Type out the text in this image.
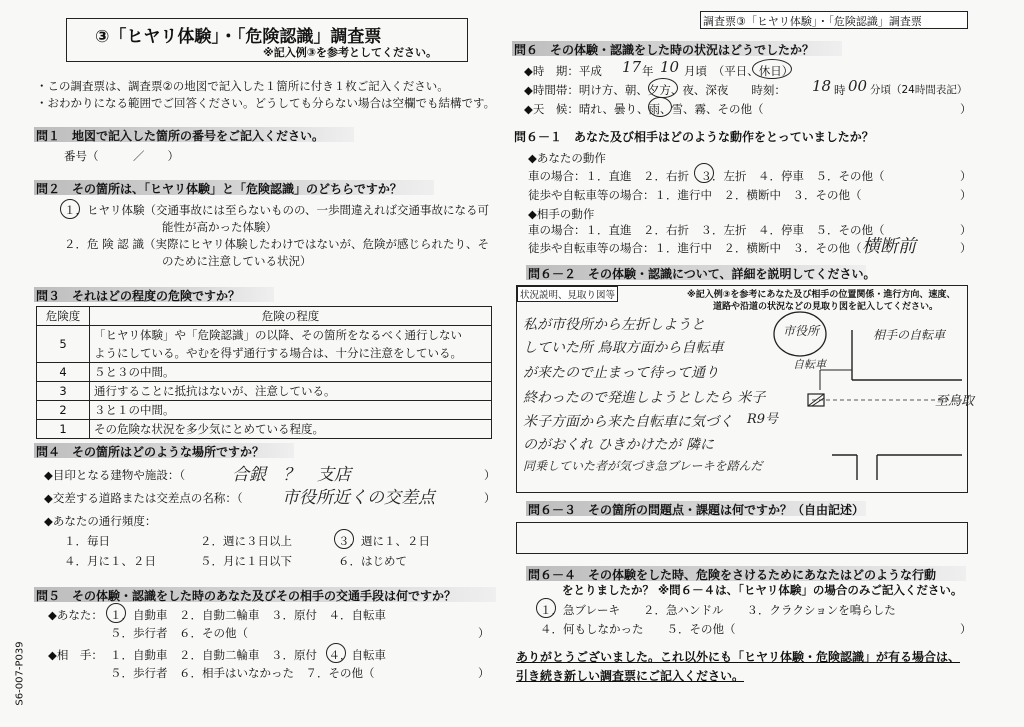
③「ヒヤリ体験」・「危険認識」調査票
※記入例③を参考としてください。
・この調査票は、調査票②の地図で記入した１箇所に付き１枚ご記入ください。
・おわかりになる範囲でご回答ください。どうしても分らない場合は空欄でも結構です。
問１　地図で記入した箇所の番号をご記入ください。
番号（　　　／　　）
問２　その箇所は、「ヒヤリ体験」と「危険認識」のどちらですか？
１．ヒヤリ体験（交通事故には至らないものの、一歩間違えれば交通事故になる可
能性が高かった体験）
２．危 険 認 識（実際にヒヤリ体験したわけではないが、危険が感じられたり、そ
のために注意している状況）
問３　それはどの程度の危険ですか？
危険度	危険の程度
5	「ヒヤリ体験」や「危険認識」の以降、その箇所をなるべく通行しない
	ようにしている。やむを得ず通行する場合は、十分に注意をしている。
4	５と３の中間。
3	通行することに抵抗はないが、注意している。
2	３と１の中間。
1	その危険な状況を多少気にとめている程度。
問４　その箇所はどのような場所ですか？
◆目印となる建物や施設：（	合銀　？　支店	）
◆交差する道路または交差点の名称：（ 市役所近くの交差点	）
◆あなたの通行頻度：
１．毎日	２．週に３日以上	３．週に１、２日
４．月に１、２日	５．月に１日以下	６．はじめて
問５　その体験・認識をした時のあなた及びその相手の交通手段は何ですか？
◆あなた： １．自動車　２．自動二輪車　３．原付　４．自転車
５．歩行者　６．その他（	）
◆相　手： １．自動車　２．自動二輪車　３．原付　４．自転車
５．歩行者　６．相手はいなかった　７．その他（	）
S6-007-P039
調査票③「ヒヤリ体験」・「危険認識」調査票
問６　その体験・認識をした時の状況はどうでしたか？
◆時　期：平成 17 年 10 月頃　（平日、休日）
◆時間帯：明け方、朝、夕方、夜、深夜　　時刻： 18 時 00 分頃（24時間表記）
◆天　候：晴れ、曇り、雨、雪、霧、その他（	）
問６－１　あなた及び相手はどのような動作をとっていましたか？
◆あなたの動作
車の場合：１．直進　２．右折　３．左折　４．停車　５．その他（	）
徒歩や自転車等の場合：１．進行中　２．横断中　３．その他（	）
◆相手の動作
車の場合：１．直進　２．右折　３．左折　４．停車　５．その他（	）
徒歩や自転車等の場合：１．進行中　２．横断中　３．その他（ 横断前	）
問６－２　その体験・認識について、詳細を説明してください。
状況説明、見取り図等	※記入例③を参考にあなた及び相手の位置関係・進行方向、速度、
道路や沿道の状況などの見取り図を記入してください。
私が市役所から左折しようと
していた所 鳥取方面から自転車
が来たので止まって待って通り
終わったので発進しようとしたら 米子
米子方面から来た自転車に気づく
のがおくれ ひきかけたが 隣に
同乗していた者が気づき急ブレーキを踏んだ
市役所	相手の自転車
自転車
至鳥取
R9号
問６－３　その箇所の問題点・課題は何ですか？（自由記述）
問６－４　その体験をした時、危険をさけるためにあなたはどのような行動
をとりましたか？ ※問６－４は、「ヒヤリ体験」の場合のみご記入ください。
１．急ブレーキ　　２．急ハンドル　　３．クラクションを鳴らした
４．何もしなかった　　５．その他（	）
ありがとうございました。これ以外にも「ヒヤリ体験・危険認識」が有る場合は、
引き続き新しい調査票にご記入ください。
